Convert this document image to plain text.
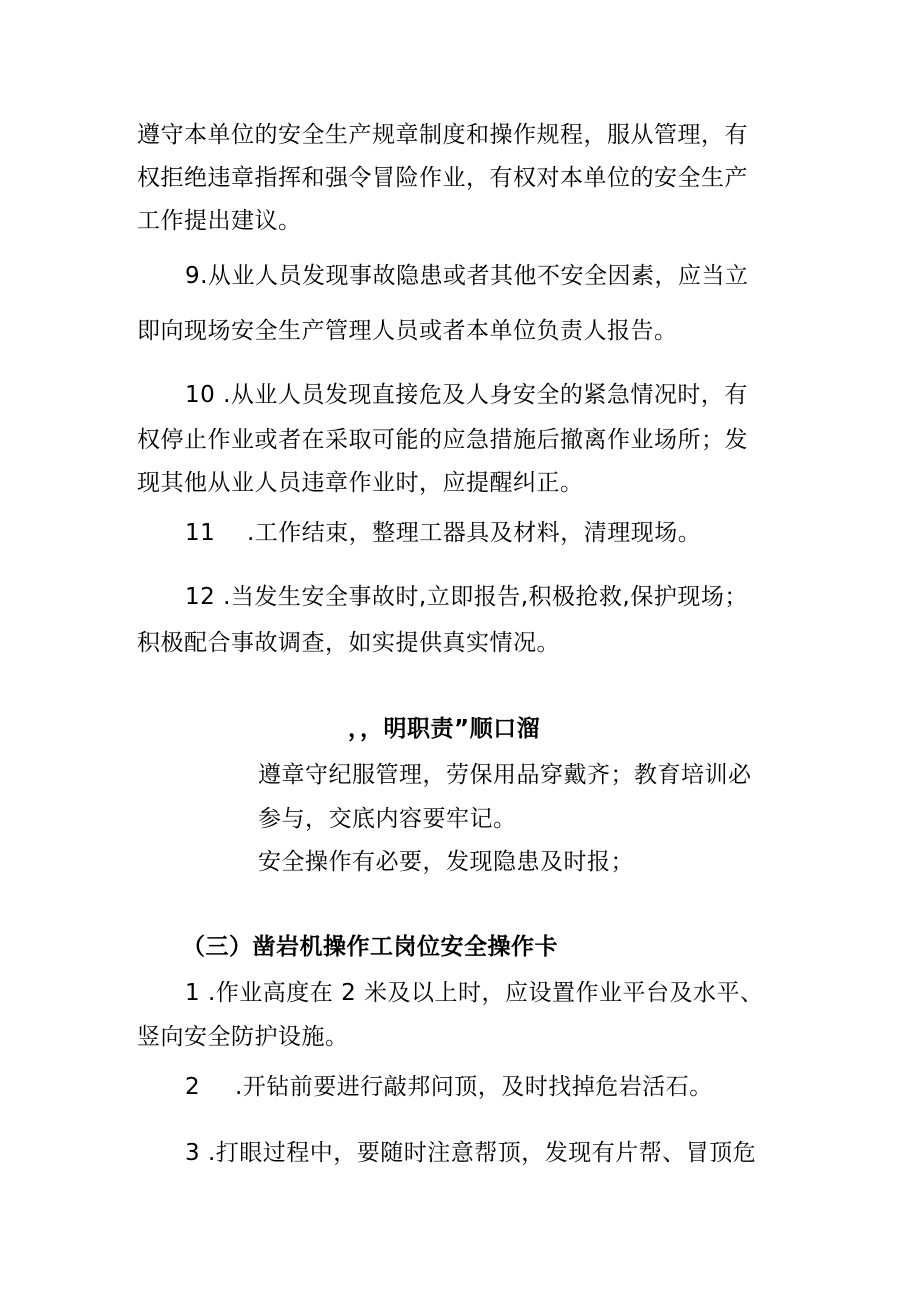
遵守本单位的安全生产规章制度和操作规程，服从管理，有
权拒绝违章指挥和强令冒险作业，有权对本单位的安全生产
工作提出建议。
9.从业人员发现事故隐患或者其他不安全因素，应当立
即向现场安全生产管理人员或者本单位负责人报告。
10 .从业人员发现直接危及人身安全的紧急情况时，有
权停止作业或者在采取可能的应急措施后撤离作业场所；发
现其他从业人员违章作业时，应提醒纠正。
11 .工作结束，整理工器具及材料，清理现场。
12 .当发生安全事故时,立即报告,积极抢救,保护现场；
积极配合事故调查，如实提供真实情况。
，，明职责”顺口溜
遵章守纪服管理，劳保用品穿戴齐；教育培训必
参与，交底内容要牢记。
安全操作有必要，发现隐患及时报；
（三）凿岩机操作工岗位安全操作卡
1 .作业高度在 2 米及以上时，应设置作业平台及水平、
竖向安全防护设施。
2 .开钻前要进行敲邦问顶，及时找掉危岩活石。
3 .打眼过程中，要随时注意帮顶，发现有片帮、冒顶危
